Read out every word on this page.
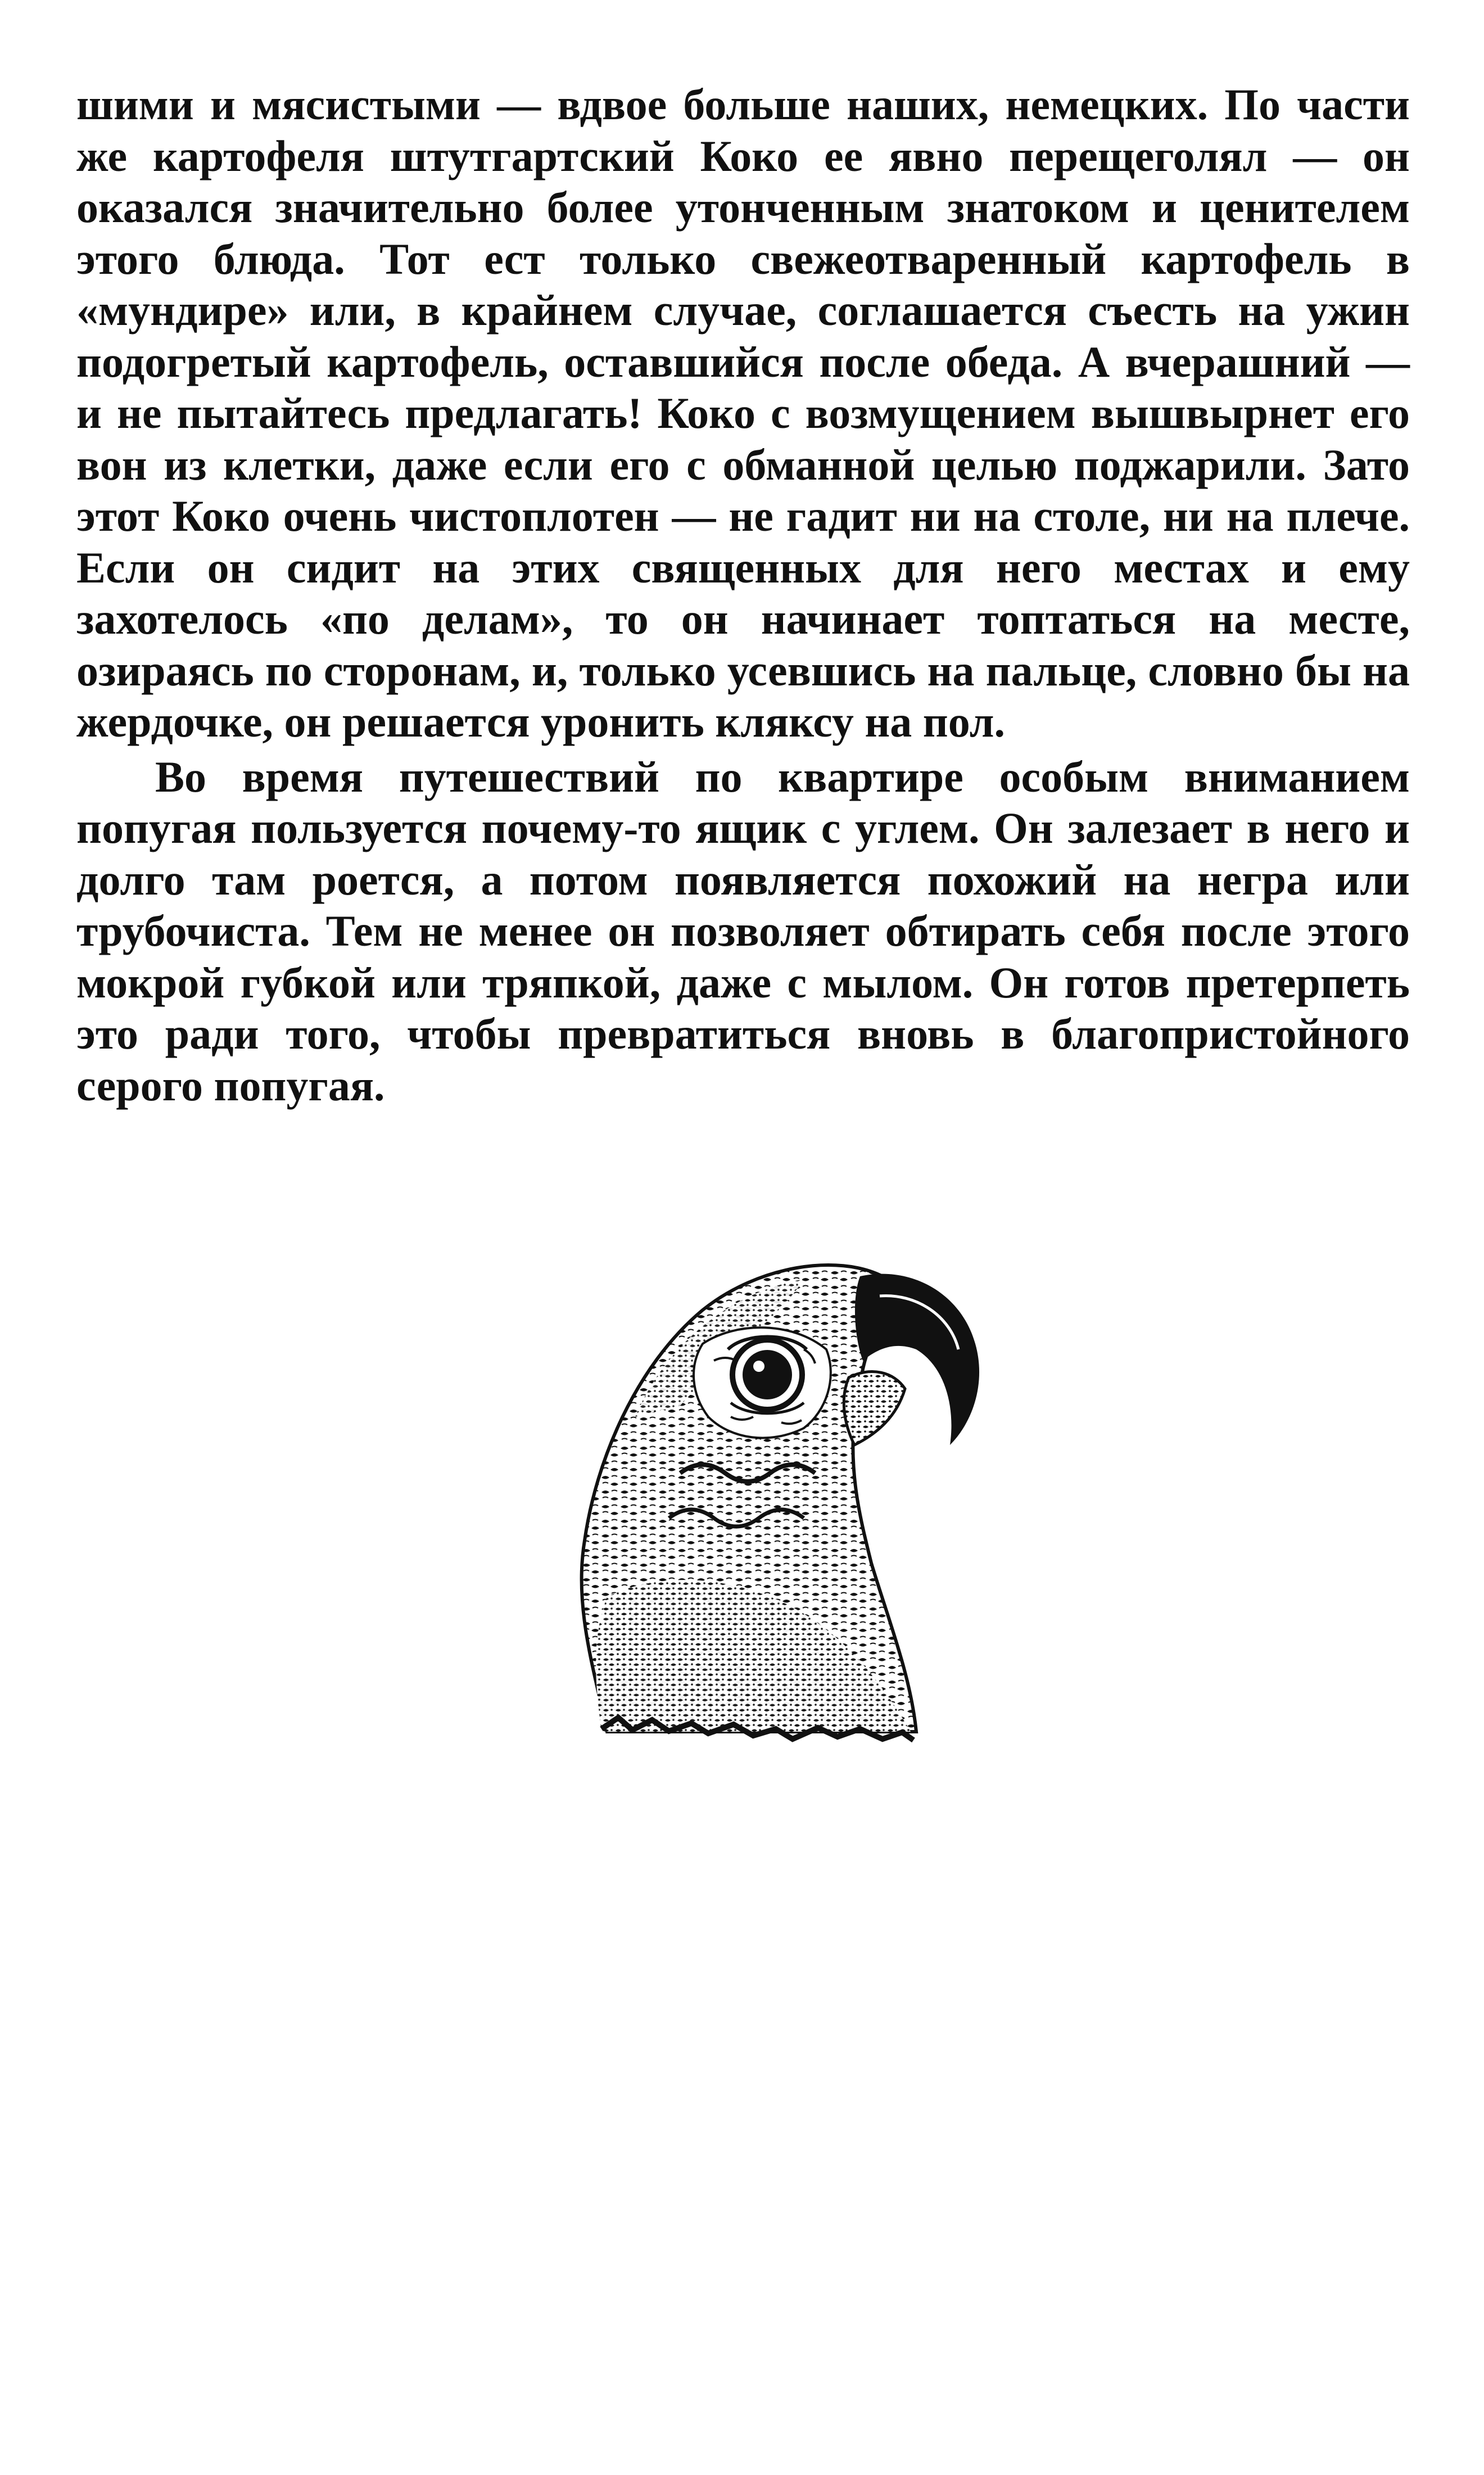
шими и мясистыми — вдвое больше наших, немецких. По части же картофеля штутгартский Коко ее явно перещеголял — он оказался значительно более утонченным знатоком и ценителем этого блюда. Тот ест только свежеотваренный картофель в «мундире» или, в крайнем случае, соглашается съесть на ужин подогретый картофель, оставшийся после обеда. А вчерашний — и не пытайтесь предлагать! Коко с возмущением вышвырнет его вон из клетки, даже если его с обманной целью поджарили. Зато этот Коко очень чистоплотен — не гадит ни на столе, ни на плече. Если он сидит на этих священных для него местах и ему захотелось «по делам», то он начинает топтаться на месте, озираясь по сторонам, и, только усевшись на пальце, словно бы на жердочке, он решается уронить кляксу на пол.

Во время путешествий по квартире особым вниманием попугая пользуется почему-то ящик с углем. Он залезает в него и долго там роется, а потом появляется похожий на негра или трубочиста. Тем не менее он позволяет обтирать себя после этого мокрой губкой или тряпкой, даже с мылом. Он готов претерпеть это ради того, чтобы превратиться вновь в благопристойного серого попугая.
